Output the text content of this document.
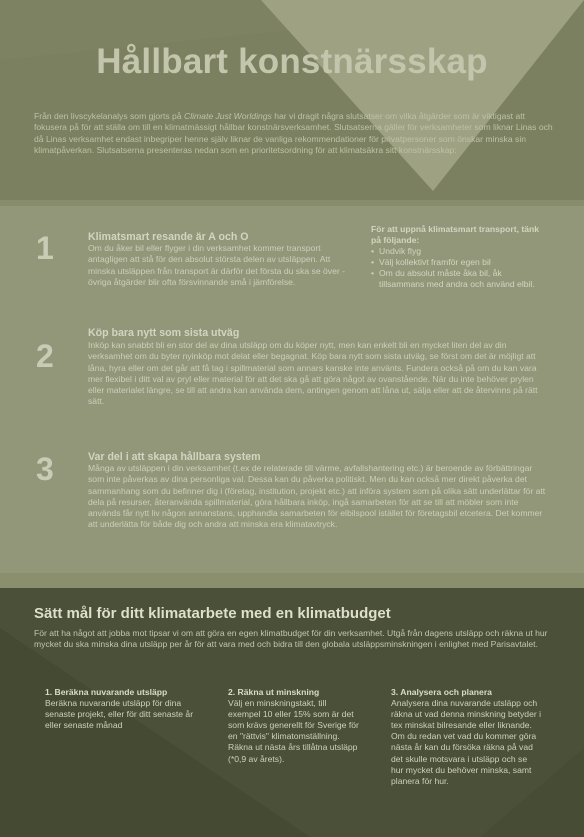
Hållbart konstnärsskap
Från den livscykelanalys som gjorts på Climate Just Worldings har vi dragit några slutsatser om vilka åtgärder som är viktigast att fokusera på för att ställa om till en klimatmässigt hållbar konstnärsverksamhet. Slutsatserna gäller för verksamheter som liknar Linas och då Linas verksamhet endast inbegriper henne själv liknar de vanliga rekommendationer för privatpersoner som önskar minska sin klimatpåverkan. Slutsatserna presenteras nedan som en prioritetsordning för att klimatsäkra sitt konstnärsskap:
1	Klimatsmart resande är A och O
Om du åker bil eller flyger i din verksamhet kommer transport antagligen att stå för den absolut största delen av utsläppen. Att minska utsläppen från transport är därför det första du ska se över - övriga åtgärder blir ofta försvinnande små i jämförelse.
För att uppnå klimatsmart transport, tänk på följande:
• Undvik flyg
• Välj kollektivt framför egen bil
• Om du absolut måste åka bil, åk tillsammans med andra och använd elbil.
2
Köp bara nytt som sista utväg
Inköp kan snabbt bli en stor del av dina utsläpp om du köper nytt, men kan enkelt bli en mycket liten del av din verksamhet om du byter nyinköp mot delat eller begagnat. Köp bara nytt som sista utväg, se först om det är möjligt att låna, hyra eller om det går att få tag i spillmaterial som annars kanske inte använts. Fundera också på om du kan vara mer flexibel i ditt val av pryl eller material för att det ska gå att göra något av ovanstående. När du inte behöver prylen eller materialet längre, se till att andra kan använda dem, antingen genom att låna ut, sälja eller att de återvinns på rätt sätt.
3	Var del i att skapa hållbara system
Många av utsläppen i din verksamhet (t.ex de relaterade till värme, avfallshantering etc.) är beroende av förbättringar som inte påverkas av dina personliga val. Dessa kan du påverka politiskt. Men du kan också mer direkt påverka det sammanhang som du befinner dig i (företag, institution, projekt etc.) att införa system som på olika sätt underlättar för att dela på resurser, återanvända spillmaterial, göra hållbara inköp, ingå samarbeten för att se till att möbler som inte används får nytt liv någon annanstans, upphandla samarbeten för elbilspool istället för företagsbil etcetera. Det kommer att underlätta för både dig och andra att minska era klimatavtryck.
Sätt mål för ditt klimatarbete med en klimatbudget
För att ha något att jobba mot tipsar vi om att göra en egen klimatbudget för din verksamhet. Utgå från dagens utsläpp och räkna ut hur mycket du ska minska dina utsläpp per år för att vara med och bidra till den globala utsläppsminskningen i enlighet med Parisavtalet.
1. Beräkna nuvarande utsläpp
Beräkna nuvarande utsläpp för dina senaste projekt, eller för ditt senaste år eller senaste månad
2. Räkna ut minskning
Välj en minskningstakt, till exempel 10 eller 15% som är det som krävs generellt för Sverige för en "rättvis" klimatomställning. Räkna ut nästa års tillåtna utsläpp (*0,9 av årets).
3. Analysera och planera
Analysera dina nuvarande utsläpp och räkna ut vad denna minskning betyder i tex minskat bilresande eller liknande. Om du redan vet vad du kommer göra nästa år kan du försöka räkna på vad det skulle motsvara i utsläpp och se hur mycket du behöver minska, samt planera för hur.
